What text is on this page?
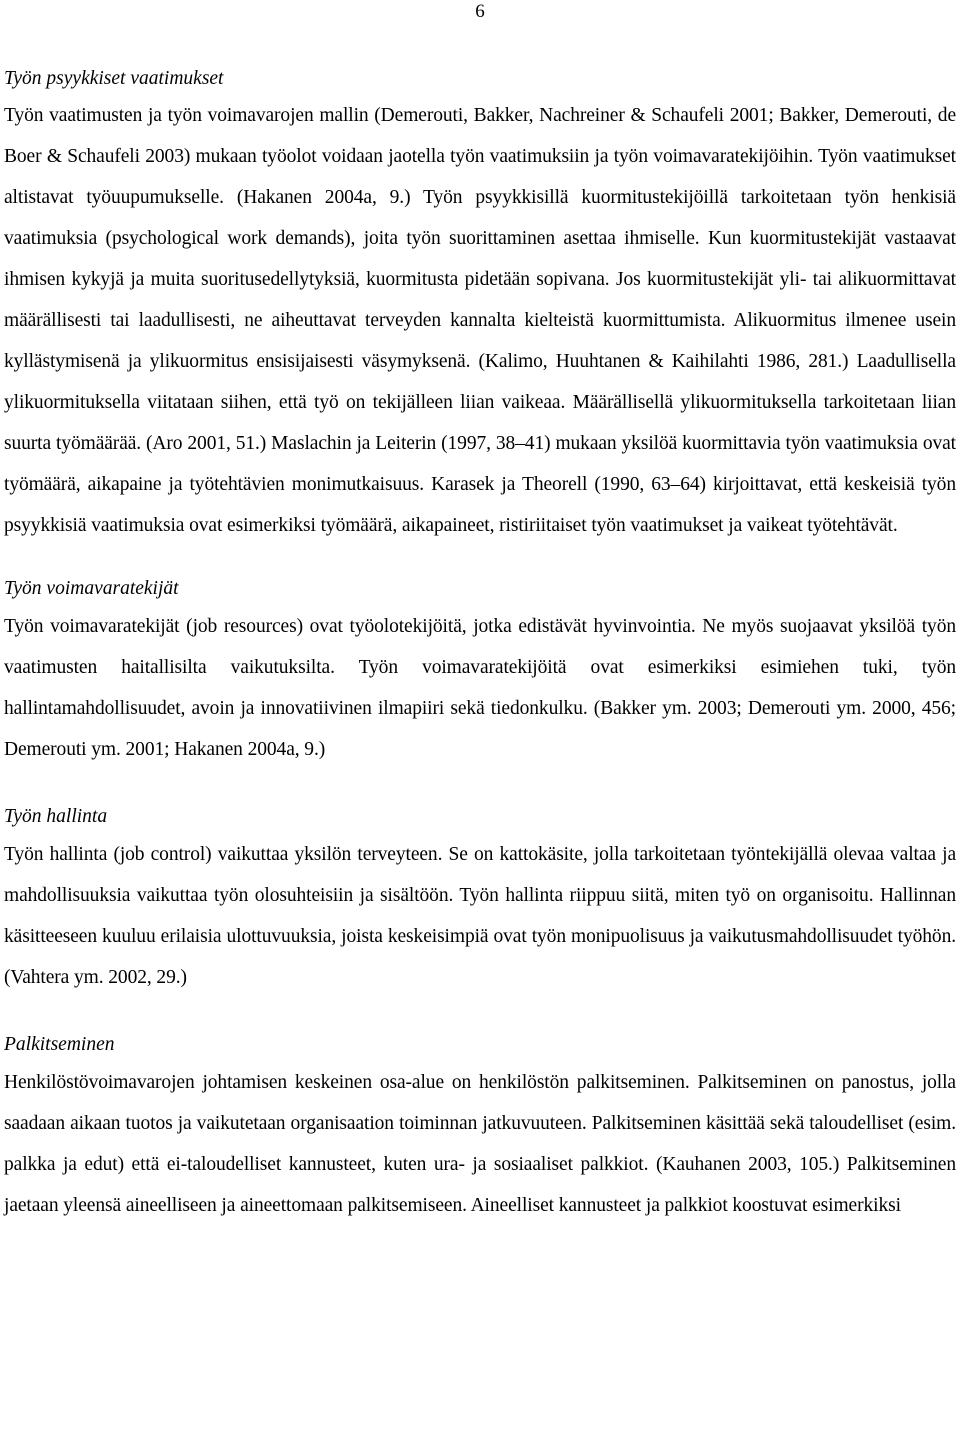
6
Työn psyykkiset vaatimukset

Työn vaatimusten ja työn voimavarojen mallin (Demerouti, Bakker, Nachreiner & Schaufeli 2001; Bakker, Demerouti, de Boer & Schaufeli 2003) mukaan työolot voidaan jaotella työn vaatimuksiin ja työn voimavaratekijöihin. Työn vaatimukset altistavat työuupumukselle. (Hakanen 2004a, 9.) Työn psyykkisillä kuormitustekijöillä tarkoitetaan työn henkisiä vaatimuksia (psychological work demands), joita työn suorittaminen asettaa ihmiselle. Kun kuormitustekijät vastaavat ihmisen kykyjä ja muita suoritusedellytyksiä, kuormitusta pidetään sopivana. Jos kuormitustekijät yli- tai alikuormittavat määrällisesti tai laadullisesti, ne aiheuttavat terveyden kannalta kielteistä kuormittumista. Alikuormitus ilmenee usein kyllästymisenä ja ylikuormitus ensisijaisesti väsymyksenä. (Kalimo, Huuhtanen & Kaihilahti 1986, 281.) Laadullisella ylikuormituksella viitataan siihen, että työ on tekijälleen liian vaikeaa. Määrällisellä ylikuormituksella tarkoitetaan liian suurta työmäärää. (Aro 2001, 51.) Maslachin ja Leiterin (1997, 38–41) mukaan yksilöä kuormittavia työn vaatimuksia ovat työmäärä, aikapaine ja työtehtävien monimutkaisuus. Karasek ja Theorell (1990, 63–64) kirjoittavat, että keskeisiä työn psyykkisiä vaatimuksia ovat esimerkiksi työmäärä, aikapaineet, ristiriitaiset työn vaatimukset ja vaikeat työtehtävät.

Työn voimavaratekijät

Työn voimavaratekijät (job resources) ovat työolotekijöitä, jotka edistävät hyvinvointia. Ne myös suojaavat yksilöä työn vaatimusten haitallisilta vaikutuksilta. Työn voimavaratekijöitä ovat esimerkiksi esimiehen tuki, työn hallintamahdollisuudet, avoin ja innovatiivinen ilmapiiri sekä tiedonkulku. (Bakker ym. 2003; Demerouti ym. 2000, 456; Demerouti ym. 2001; Hakanen 2004a, 9.)

Työn hallinta

Työn hallinta (job control) vaikuttaa yksilön terveyteen. Se on kattokäsite, jolla tarkoitetaan työntekijällä olevaa valtaa ja mahdollisuuksia vaikuttaa työn olosuhteisiin ja sisältöön. Työn hallinta riippuu siitä, miten työ on organisoitu. Hallinnan käsitteeseen kuuluu erilaisia ulottuvuuksia, joista keskeisimpiä ovat työn monipuolisuus ja vaikutusmahdollisuudet työhön. (Vahtera ym. 2002, 29.)

Palkitseminen

Henkilöstövoimavarojen johtamisen keskeinen osa-alue on henkilöstön palkitseminen. Palkitseminen on panostus, jolla saadaan aikaan tuotos ja vaikutetaan organisaation toiminnan jatkuvuuteen. Palkitseminen käsittää sekä taloudelliset (esim. palkka ja edut) että ei-taloudelliset kannusteet, kuten ura- ja sosiaaliset palkkiot. (Kauhanen 2003, 105.) Palkitseminen jaetaan yleensä aineelliseen ja aineettomaan palkitsemiseen. Aineelliset kannusteet ja palkkiot koostuvat esimerkiksi
